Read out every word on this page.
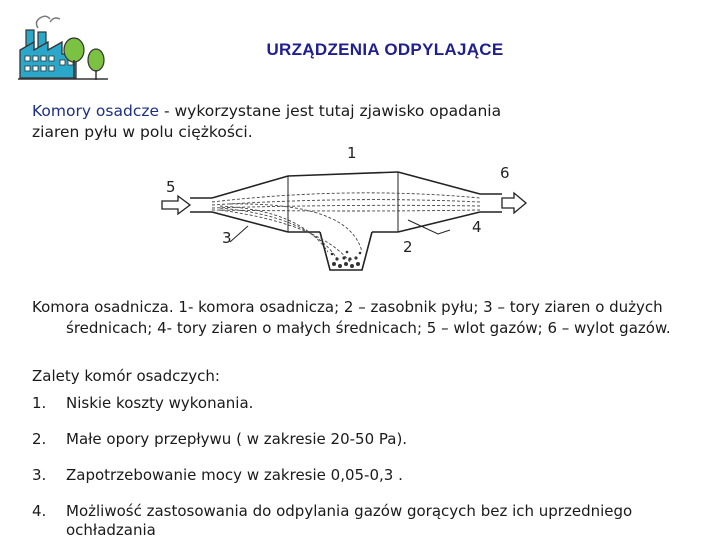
URZĄDZENIA ODPYLAJĄCE
Komory osadcze - wykorzystane jest tutaj zjawisko opadania
ziaren pyłu w polu ciężkości.
1
2
3
4
5
6
Komora osadnicza. 1- komora osadnicza; 2 – zasobnik pyłu; 3 – tory ziaren o dużych średnicach; 4- tory ziaren o małych średnicach; 5 – wlot gazów; 6 – wylot gazów.
Zalety komór osadczych:
1.	Niskie koszty wykonania.
2.	Małe opory przepływu ( w zakresie 20-50 Pa).
3.	Zapotrzebowanie mocy w zakresie 0,05-0,3 .
4.	Możliwość zastosowania do odpylania gazów gorących bez ich uprzedniego ochładzania
